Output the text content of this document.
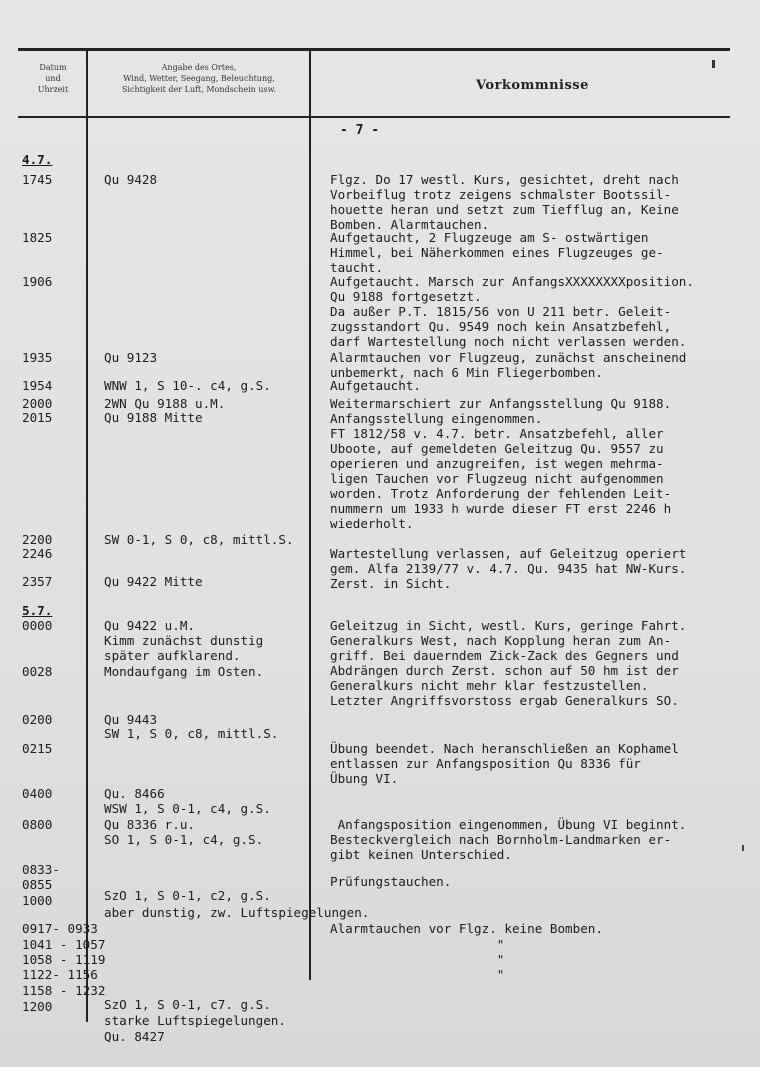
Datum
und
Uhrzeit
Angabe des Ortes,
Wind, Wetter, Seegang, Beleuchtung,
Sichtigkeit der Luft, Mondschein usw.	Vorkommnisse
- 7 -
4.7.
1745
1825
1906
1935
1954
2000
2015
2200
2246
2357
5.7.
0000
0028
0200
0215
0400
0800
0833-
0855
1000
0917- 0933
1041 - 1057
1058 - 1119
1122- 1156
1158 - 1232
1200
Qu 9428
Qu 9123
WNW 1, S 10-. c4, g.S.
2WN Qu 9188 u.M.
Qu 9188 Mitte
SW 0-1, S 0, c8, mittl.S.
Qu 9422 Mitte
Qu 9422 u.M.
Kimm zunächst dunstig
später aufklarend.
Mondaufgang im Osten.
Qu 9443
SW 1, S 0, c8, mittl.S.
Qu. 8466
WSW 1, S 0-1, c4, g.S.
Qu 8336 r.u.
SO 1, S 0-1, c4, g.S.
SzO 1, S 0-1, c2, g.S.
aber dunstig, zw. Luftspiegelungen.
SzO 1, S 0-1, c7. g.S.
starke Luftspiegelungen.
Qu. 8427
Flgz. Do 17 westl. Kurs, gesichtet, dreht nach
Vorbeiflug trotz zeigens schmalster Bootssil-
houette heran und setzt zum Tiefflug an, Keine
Bomben. Alarmtauchen.
Aufgetaucht, 2 Flugzeuge am S- ostwärtigen
Himmel, bei Näherkommen eines Flugzeuges ge-
taucht.
Aufgetaucht. Marsch zur AnfangsXXXXXXXXposition.
Qu 9188 fortgesetzt.
Da außer P.T. 1815/56 von U 211 betr. Geleit-
zugsstandort Qu. 9549 noch kein Ansatzbefehl,
darf Wartestellung noch nicht verlassen werden.
Alarmtauchen vor Flugzeug, zunächst anscheinend
unbemerkt, nach 6 Min Fliegerbomben.
Aufgetaucht.
Weitermarschiert zur Anfangsstellung Qu 9188.
Anfangsstellung eingenommen.
FT 1812/58 v. 4.7. betr. Ansatzbefehl, aller
Uboote, auf gemeldeten Geleitzug Qu. 9557 zu
operieren und anzugreifen, ist wegen mehrma-
ligen Tauchen vor Flugzeug nicht aufgenommen
worden. Trotz Anforderung der fehlenden Leit-
nummern um 1933 h wurde dieser FT erst 2246 h
wiederholt.
Wartestellung verlassen, auf Geleitzug operiert
gem. Alfa 2139/77 v. 4.7. Qu. 9435 hat NW-Kurs.
Zerst. in Sicht.
Geleitzug in Sicht, westl. Kurs, geringe Fahrt.
Generalkurs West, nach Kopplung heran zum An-
griff. Bei dauerndem Zick-Zack des Gegners und
Abdrängen durch Zerst. schon auf 50 hm ist der
Generalkurs nicht mehr klar festzustellen.
Letzter Angriffsvorstoss ergab Generalkurs SO.
Übung beendet. Nach heranschließen an Kophamel
entlassen zur Anfangsposition Qu 8336 für
Übung VI.
Anfangsposition eingenommen, Übung VI beginnt.
Besteckvergleich nach Bornholm-Landmarken er-
gibt keinen Unterschied.
Prüfungstauchen.
Alarmtauchen vor Flgz. keine Bomben.
"
"
"
